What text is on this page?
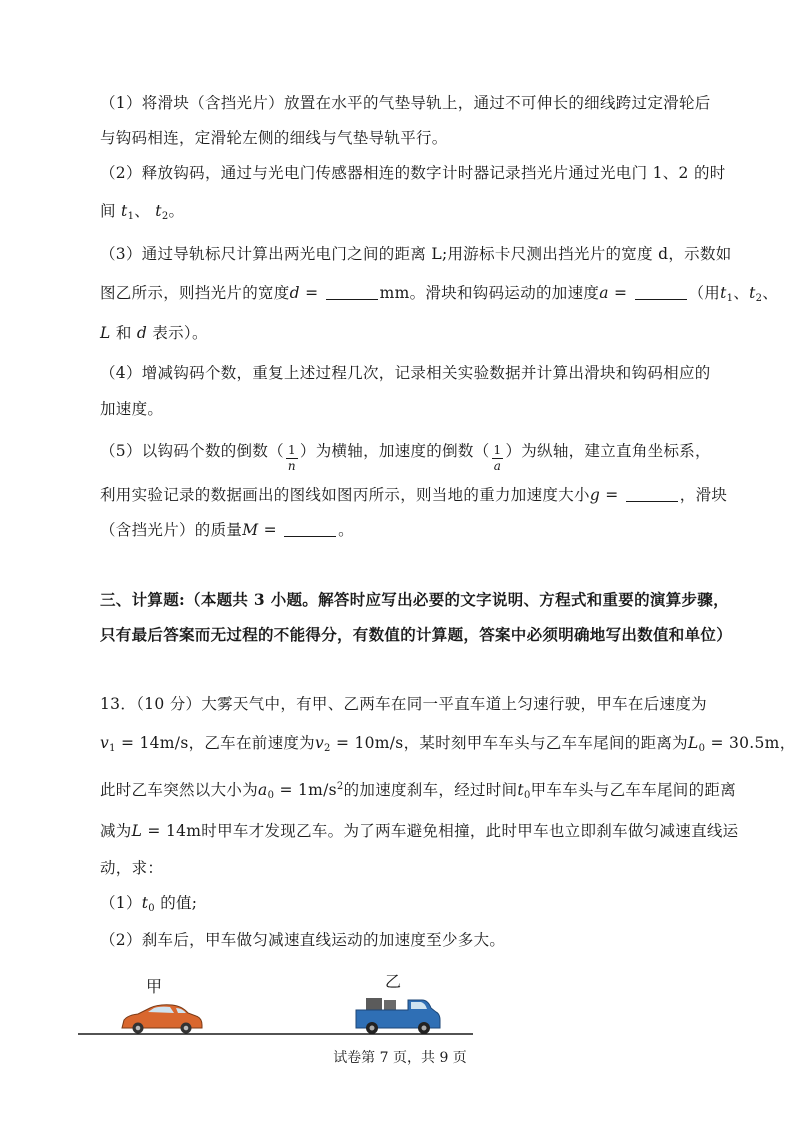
（1）将滑块（含挡光片）放置在水平的气垫导轨上，通过不可伸长的细线跨过定滑轮后
与钩码相连，定滑轮左侧的细线与气垫导轨平行。
（2）释放钩码，通过与光电门传感器相连的数字计时器记录挡光片通过光电门 1、2 的时
间 $t_1$、 $t_2$。
（3）通过导轨标尺计算出两光电门之间的距离 L;用游标卡尺测出挡光片的宽度 d，示数如
图乙所示，则挡光片的宽度d =	mm。滑块和钩码运动的加速度a =	（用$t_1$、$t_2$、
L 和 d 表示）。
（4）增减钩码个数，重复上述过程几次，记录相关实验数据并计算出滑块和钩码相应的
加速度。
（5）以钩码个数的倒数（ $\frac{1}{n}$ ）为横轴，加速度的倒数（ $\frac{1}{a}$ ）为纵轴，建立直角坐标系，
利用实验记录的数据画出的图线如图丙所示，则当地的重力加速度大小g =	，滑块
（含挡光片）的质量M =	。
三、计算题:（本题共 3 小题。解答时应写出必要的文字说明、方程式和重要的演算步骤，
只有最后答案而无过程的不能得分，有数值的计算题，答案中必须明确地写出数值和单位）
13．（10 分）大雾天气中，有甲、乙两车在同一平直车道上匀速行驶，甲车在后速度为
$v_1 = 14m/s$，乙车在前速度为$v_2 = 10m/s$，某时刻甲车车头与乙车车尾间的距离为$L_0 = 30.5m$，
此时乙车突然以大小为$a_0 = 1m/s^2$的加速度刹车，经过时间$t_0$甲车车头与乙车车尾间的距离
减为L = 14m时甲车才发现乙车。为了两车避免相撞，此时甲车也立即刹车做匀减速直线运
动，求：
$(1)t_0$ 的值;
（2）刹车后，甲车做匀减速直线运动的加速度至少多大。
甲	乙
试卷第 7 页，共 9 页
